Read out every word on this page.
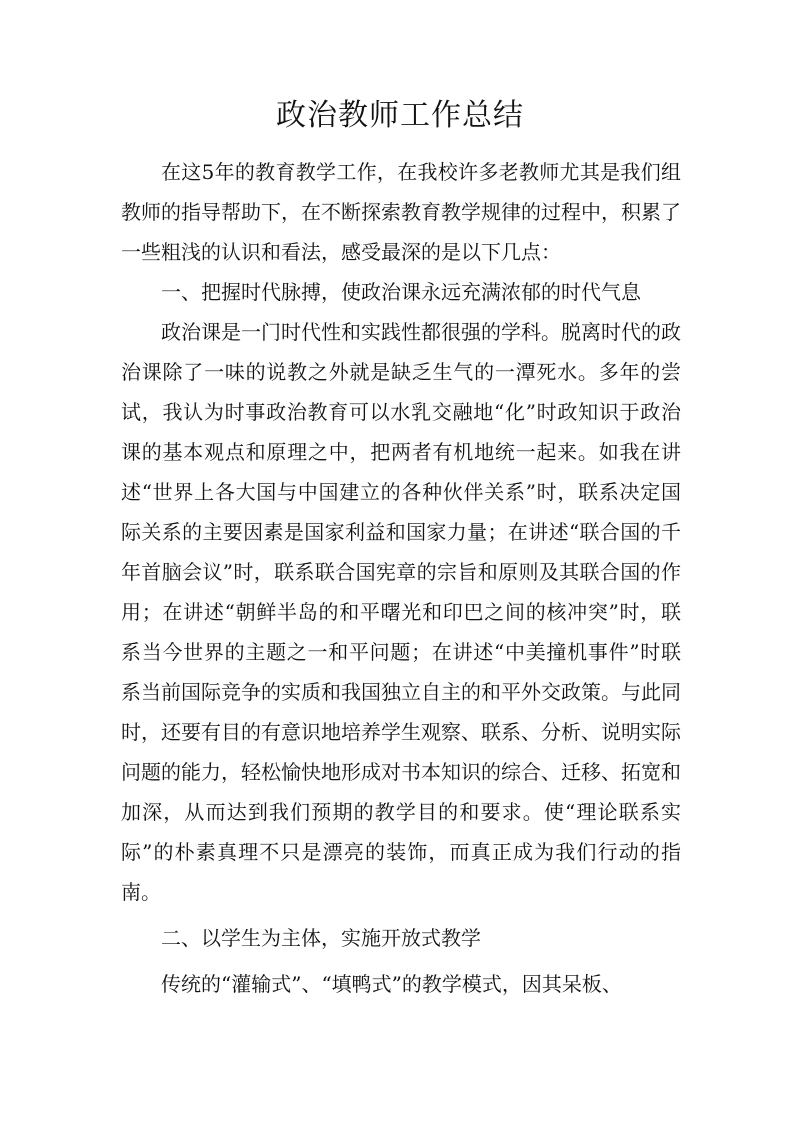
政治教师工作总结

在这5年的教育教学工作，在我校许多老教师尤其是我们组教师的指导帮助下，在不断探索教育教学规律的过程中，积累了一些粗浅的认识和看法，感受最深的是以下几点：

一、把握时代脉搏，使政治课永远充满浓郁的时代气息

政治课是一门时代性和实践性都很强的学科。脱离时代的政治课除了一味的说教之外就是缺乏生气的一潭死水。多年的尝试，我认为时事政治教育可以水乳交融地“化”时政知识于政治课的基本观点和原理之中，把两者有机地统一起来。如我在讲述“世界上各大国与中国建立的各种伙伴关系”时，联系决定国际关系的主要因素是国家利益和国家力量；在讲述“联合国的千年首脑会议”时，联系联合国宪章的宗旨和原则及其联合国的作用；在讲述“朝鲜半岛的和平曙光和印巴之间的核冲突”时，联系当今世界的主题之一和平问题；在讲述“中美撞机事件”时联系当前国际竞争的实质和我国独立自主的和平外交政策。与此同时，还要有目的有意识地培养学生观察、联系、分析、说明实际问题的能力，轻松愉快地形成对书本知识的综合、迁移、拓宽和加深，从而达到我们预期的教学目的和要求。使“理论联系实际”的朴素真理不只是漂亮的装饰，而真正成为我们行动的指南。

二、以学生为主体，实施开放式教学

传统的“灌输式”、“填鸭式”的教学模式，因其呆板、
